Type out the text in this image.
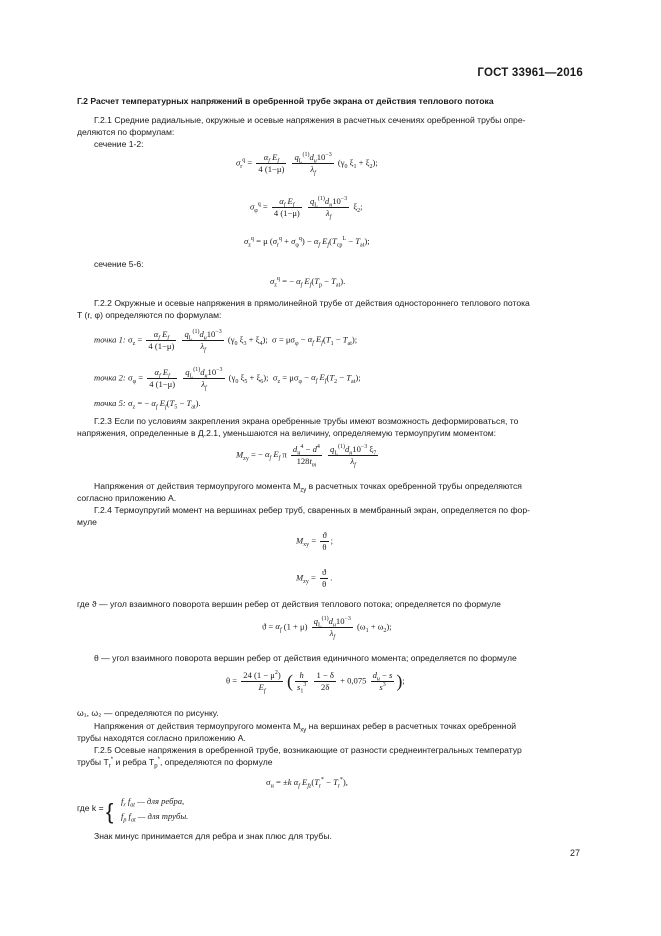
ГОСТ 33961—2016
Г.2 Расчет температурных напряжений в оребренной трубе экрана от действия теплового потока
Г.2.1 Средние радиальные, окружные и осевые напряжения в расчетных сечениях оребренной трубы опре-
деляются по формулам:
сечение 1-2:
$\sigma_r^q = \frac{\alpha_f E_f}{4 (1-\mu)}$
$\frac{q_L^{(1)}d_н10^{-3}}{\lambda_f} (\gamma_0$ $\xi_1 + \xi_2$);
$\sigma_\varphi^q = \frac{\alpha_f E_f}{4 (1-\mu)}$
$\frac{q_L^{(1)}d_н10^{-3}}{\lambda_f} \xi_2$;
$\sigma_z^q = \mu$ $(\sigma_r^q + \sigma_\varphi^q) - \alpha_f$ $E_f(T_{ср}^L - T_{at})$;
сечение 5-6:
$\sigma_z^q$ = − $\alpha_f$ $E_f(T_p - T_{at})$.
Г.2.2 Окружные и осевые напряжения в прямолинейной трубе от действия одностороннего теплового потока
T (r, φ) определяются по формулам:
точка 1: $\sigma_z = \frac{\alpha_f E_f}{4 (1-\mu)}$
$\frac{q_L^{(1)}d_н10^{-3}}{\lambda_f} (\gamma_0$ $\xi_3 + \xi_4$);  $\sigma = \mu\sigma_\varphi - \alpha_f$ $E_f(T_1 - T_{at})$;
точка 2: $\sigma_\varphi = \frac{\alpha_f E_f}{4 (1-\mu)}$
$\frac{q_L^{(1)}d_н10^{-3}}{\lambda_f} (\gamma_0$ $\xi_5 + \xi_6$);  $\sigma_z = \mu\sigma_\varphi - \alpha_f$ $E_f(T_2 - T_{at})$;
точка 5: $\sigma_z$ = − $\alpha_f$ $E_f(T_5 - T_{at})$.
Г.2.3 Если по условиям закрепления экрана оребренные трубы имеют возможность деформироваться, то
напряжения, определенные в Д.2.1, уменьшаются на величину, определяемую термоупругим моментом:
$M_{zy}$ = − $\alpha_f$ $E_f$ π $\frac{d_н^4 - d^4}{128t_m}$
$\frac{q_L^{(1)}d_н10^{-3} \xi_7}{\lambda_f}$
Напряжения от действия термоупругого момента $M_{zy}$ в расчетных точках оребренной трубы определяются
согласно приложению А.
Г.2.4 Термоупругий момент на вершинах ребер труб, сваренных в мембранный экран, определяется по фор-
муле
$M_{xy} = \frac{ϑ}{\theta}$ ;
$M_{zy} = \frac{ϑ}{\theta}$ .
где ϑ — угол взаимного поворота вершин ребер от действия теплового потока; определяется по формуле
$ϑ = \alpha_f$ $(1 + \mu) \frac{q_L^{(1)}d_н10^{-3}}{\lambda_f} (\omega_1 + \omega_2)$;
θ — угол взаимного поворота вершин ребер от действия единичного момента; определяется по формуле
$\theta = \frac{24 (1 - \mu^2)}{E_f}$ ( $\frac{h}{s_1^3}$
$\frac{1 - \delta}{2\delta} + 0,075 \frac{d_н - s}{s^3}$ );
ω₁, ω₂ — определяются по рисунку.
Напряжения от действия термоупругого момента $M_{xy}$ на вершинах ребер в расчетных точках оребренной
трубы находятся согласно приложению А.
Г.2.5 Осевые напряжения в оребренной трубе, возникающие от разности среднеинтегральных температур
трубы $T_r^*$ и ребра $T_p^*$, определяются по формуле
$\sigma_н = \pm k$ $\alpha_f$ $E_{fz}(T_r^* - T_r^*)$,
где k = { $f_r$ $f_{at}$ — для ребра,
$f_p$ $f_{at}$ — для трубы.
Знак минус принимается для ребра и знак плюс для трубы.
27
